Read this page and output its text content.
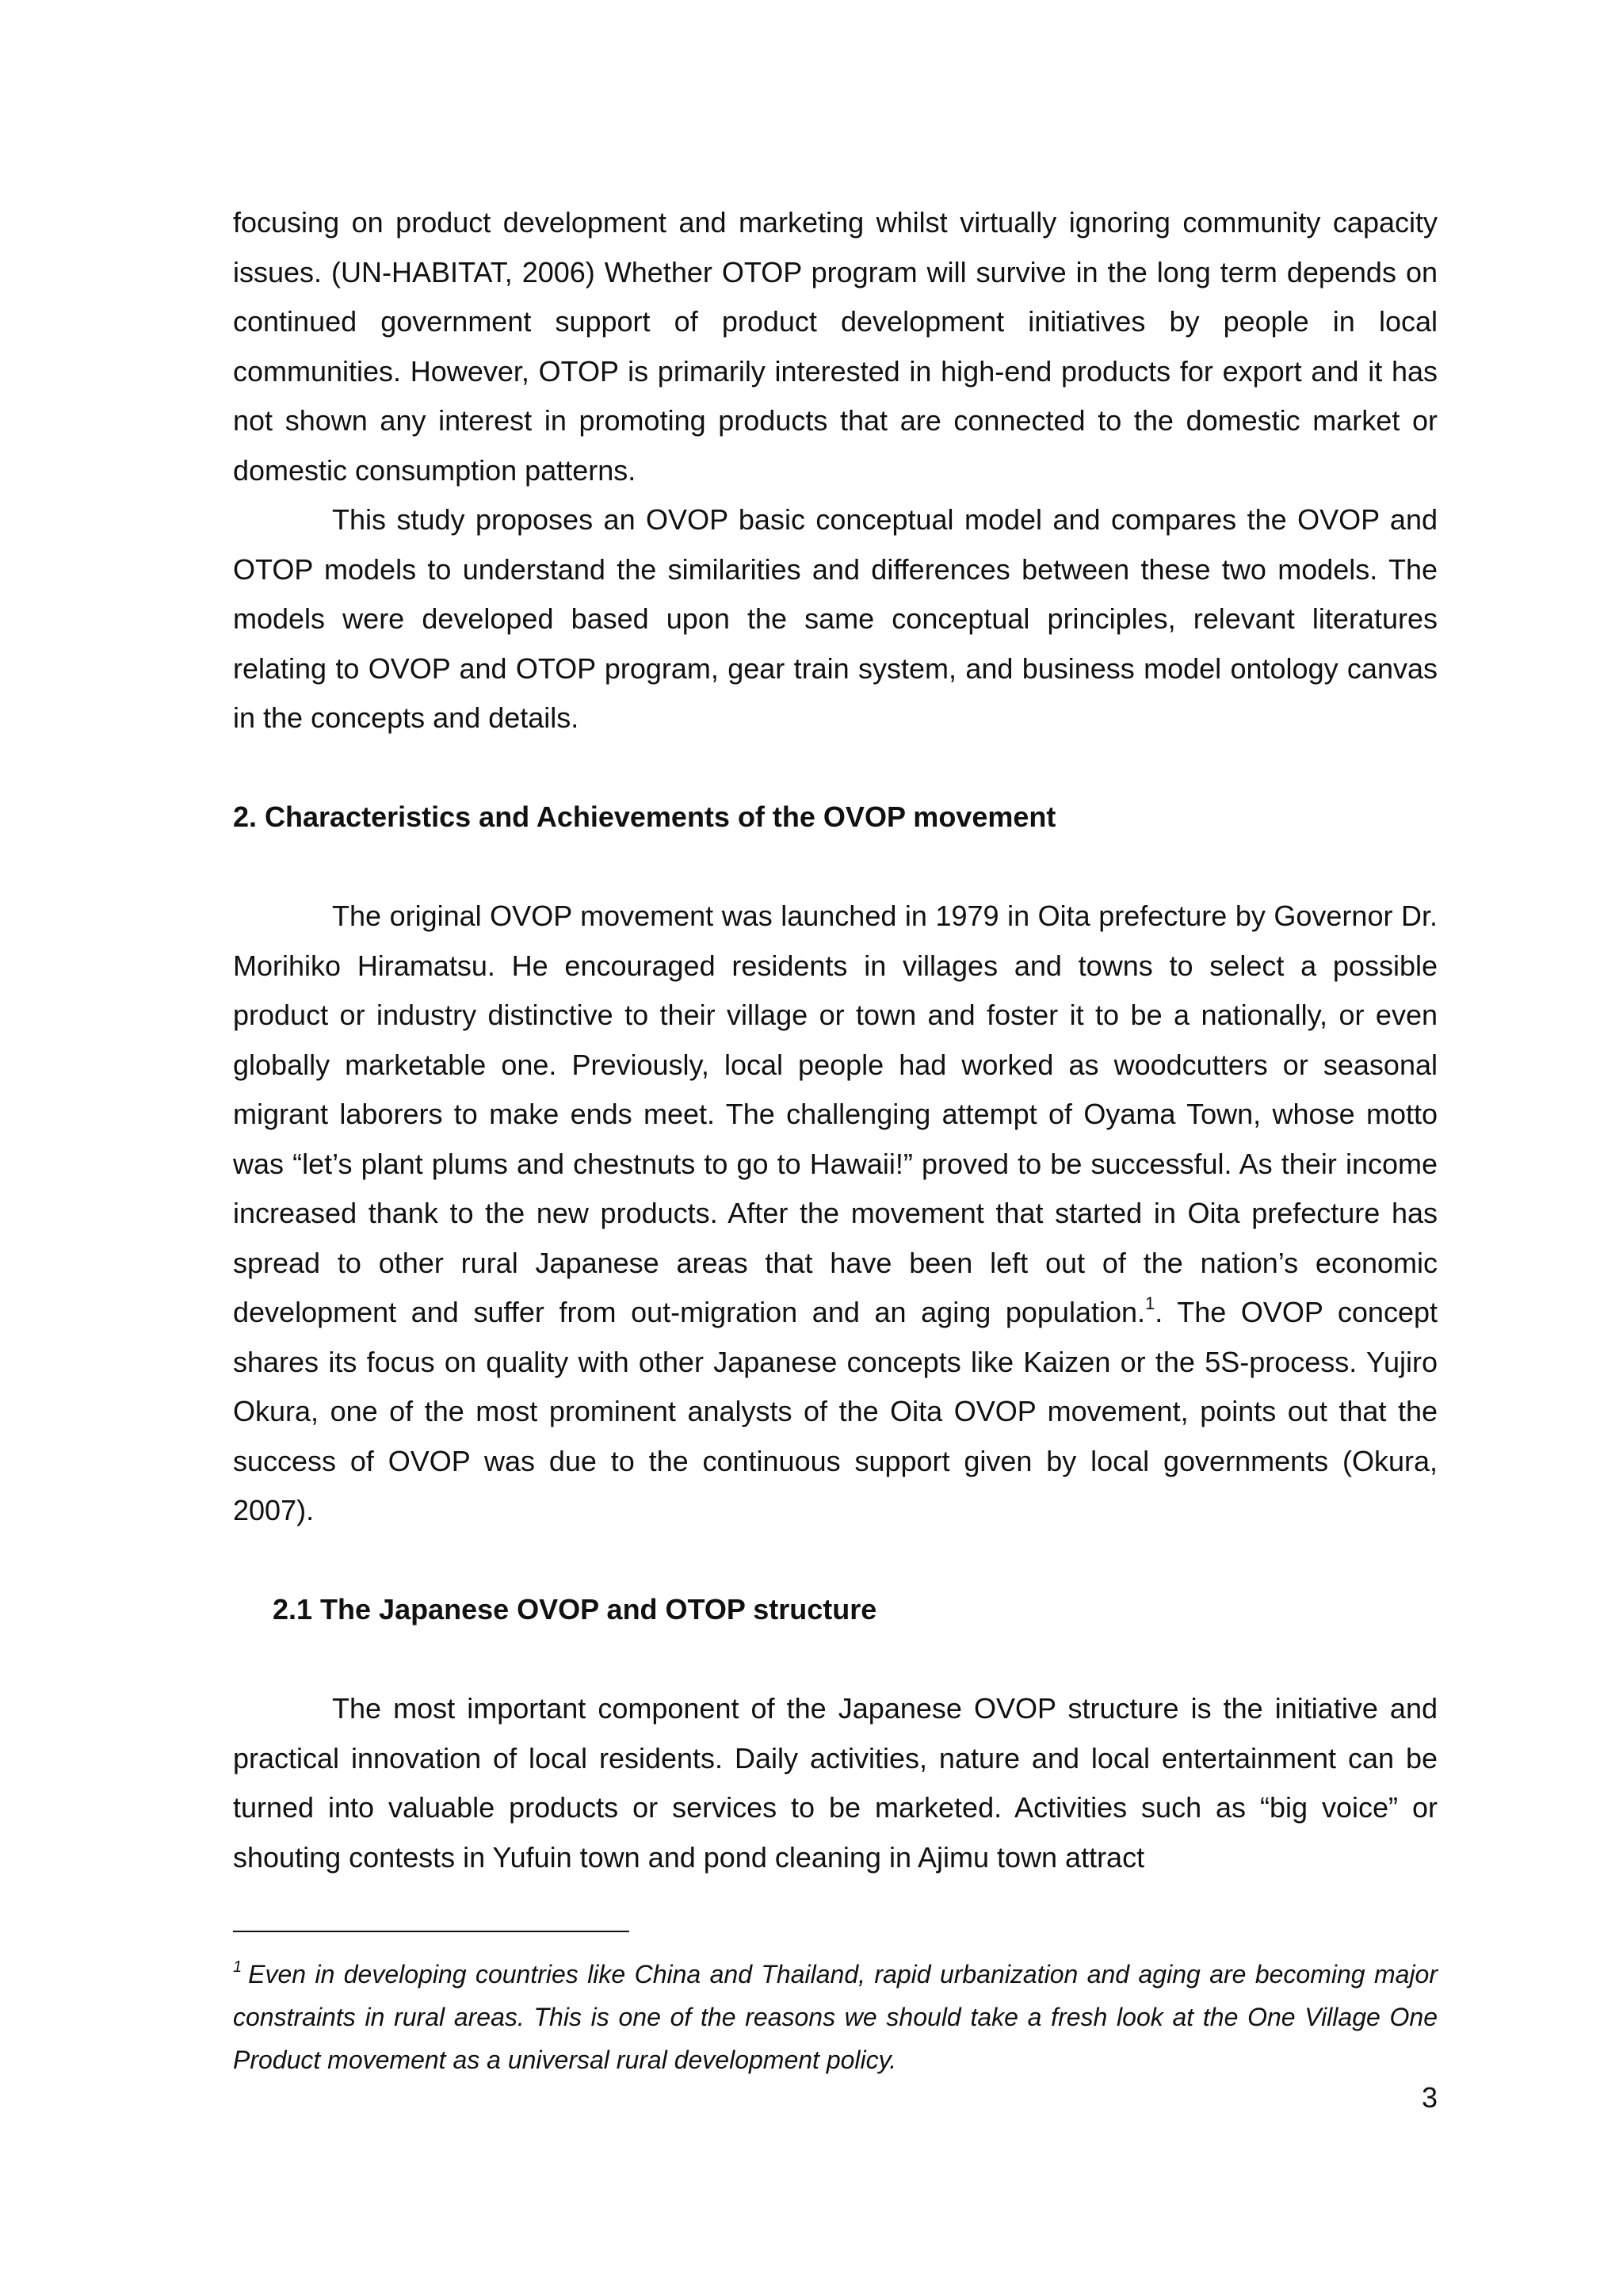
focusing on product development and marketing whilst virtually ignoring community capacity issues. (UN-HABITAT, 2006) Whether OTOP program will survive in the long term depends on continued government support of product development initiatives by people in local communities. However, OTOP is primarily interested in high-end products for export and it has not shown any interest in promoting products that are connected to the domestic market or domestic consumption patterns.

This study proposes an OVOP basic conceptual model and compares the OVOP and OTOP models to understand the similarities and differences between these two models. The models were developed based upon the same conceptual principles, relevant literatures relating to OVOP and OTOP program, gear train system, and business model ontology canvas in the concepts and details.

2. Characteristics and Achievements of the OVOP movement

The original OVOP movement was launched in 1979 in Oita prefecture by Governor Dr. Morihiko Hiramatsu. He encouraged residents in villages and towns to select a possible product or industry distinctive to their village or town and foster it to be a nationally, or even globally marketable one. Previously, local people had worked as woodcutters or seasonal migrant laborers to make ends meet. The challenging attempt of Oyama Town, whose motto was “let’s plant plums and chestnuts to go to Hawaii!” proved to be successful. As their income increased thank to the new products. After the movement that started in Oita prefecture has spread to other rural Japanese areas that have been left out of the nation’s economic development and suffer from out-migration and an aging population.$^1$. The OVOP concept shares its focus on quality with other Japanese concepts like Kaizen or the 5S-process. Yujiro Okura, one of the most prominent analysts of the Oita OVOP movement, points out that the success of OVOP was due to the continuous support given by local governments (Okura, 2007).

2.1 The Japanese OVOP and OTOP structure

The most important component of the Japanese OVOP structure is the initiative and practical innovation of local residents. Daily activities, nature and local entertainment can be turned into valuable products or services to be marketed. Activities such as “big voice” or shouting contests in Yufuin town and pond cleaning in Ajimu town attract

$^1$ Even in developing countries like China and Thailand, rapid urbanization and aging are becoming major constraints in rural areas. This is one of the reasons we should take a fresh look at the One Village One Product movement as a universal rural development policy.

3
